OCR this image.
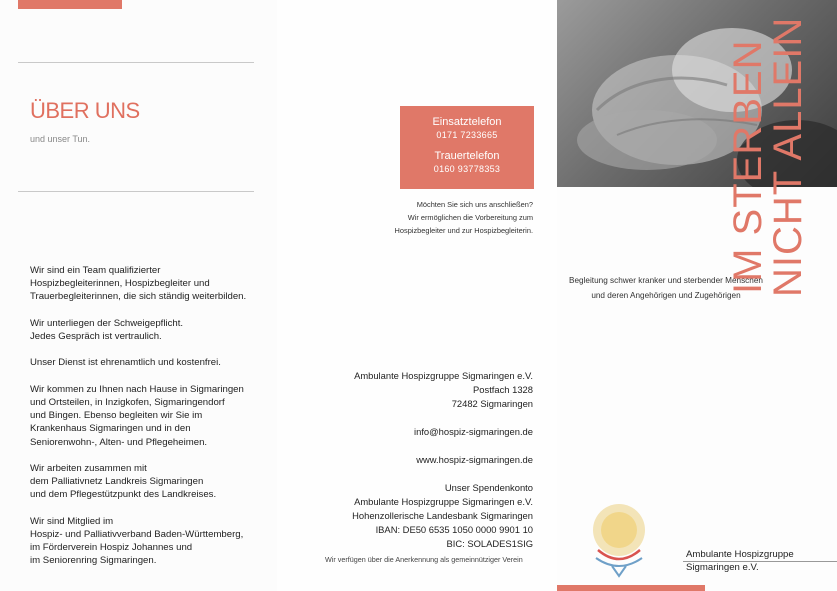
ÜBER UNS
und unser Tun.

Wir sind ein Team qualifizierter
Hospizbegleiterinnen, Hospizbegleiter und
Trauerbegleiterinnen, die sich ständig weiterbilden.

Wir unterliegen der Schweigepflicht.
Jedes Gespräch ist vertraulich.

Unser Dienst ist ehrenamtlich und kostenfrei.

Wir kommen zu Ihnen nach Hause in Sigmaringen
und Ortsteilen, in Inzigkofen, Sigmaringendorf
und Bingen. Ebenso begleiten wir Sie im
Krankenhaus Sigmaringen und in den
Seniorenwohn-, Alten- und Pflegeheimen.

Wir arbeiten zusammen mit
dem Palliativnetz Landkreis Sigmaringen
und dem Pflegestützpunkt des Landkreises.

Wir sind Mitglied im
Hospiz- und Palliativverband Baden-Württemberg,
im Förderverein Hospiz Johannes und
im Seniorenring Sigmaringen.

Einsatztelefon
0171 7233665
Trauertelefon
0160 93778353
Möchten Sie sich uns anschließen?
Wir ermöglichen die Vorbereitung zum
Hospizbegleiter und zur Hospizbegleiterin.
Ambulante Hospizgruppe Sigmaringen e.V.
Postfach 1328
72482 Sigmaringen
info@hospiz-sigmaringen.de
www.hospiz-sigmaringen.de
Unser Spendenkonto
Ambulante Hospizgruppe Sigmaringen e.V.
Hohenzollerische Landesbank Sigmaringen
IBAN: DE50 6535 1050 0000 9901 10
BIC: SOLADES1SIG
Wir verfügen über die Anerkennung als gemeinnütziger Verein
Begleitung schwer kranker und sterbender Menschen
und deren Angehörigen und Zugehörigen
Ambulante Hospizgruppe
Sigmaringen e.V.
IM STERBEN
NICHT ALLEIN
